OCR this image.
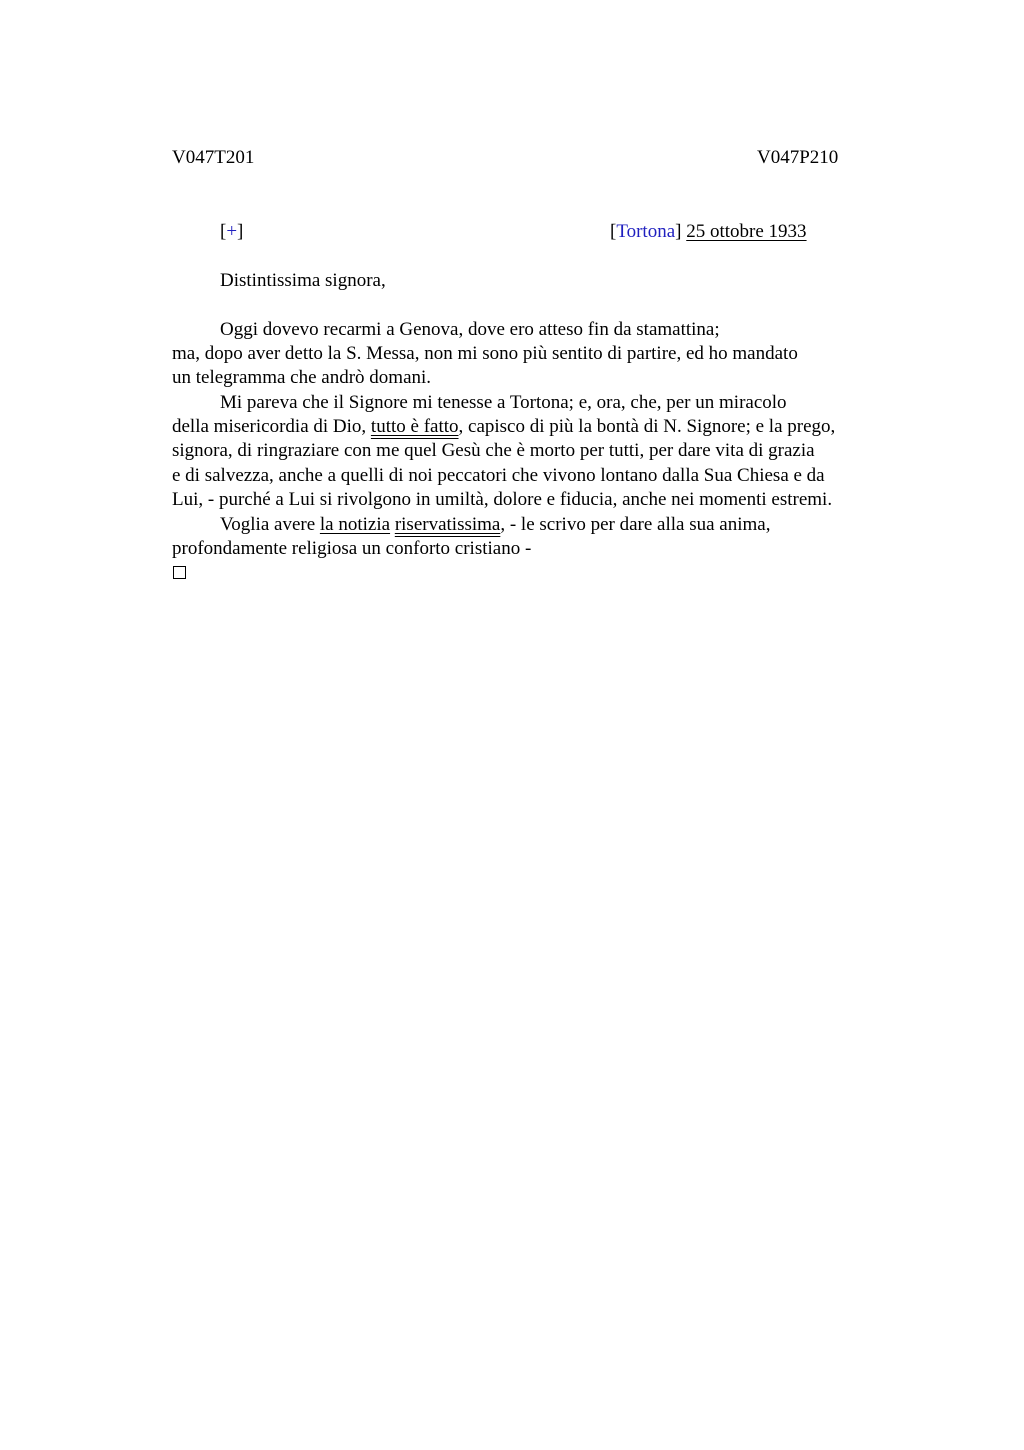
V047T201	V047P210
[+]	[Tortona] 25 ottobre 1933
Distintissima signora,
Oggi dovevo recarmi a Genova, dove ero atteso fin da stamattina;
ma, dopo aver detto la S. Messa, non mi sono più sentito di partire, ed ho mandato
un telegramma che andrò domani.
Mi pareva che il Signore mi tenesse a Tortona; e, ora, che, per un miracolo
della misericordia di Dio, tutto è fatto, capisco di più la bontà di N. Signore; e la prego,
signora, di ringraziare con me quel Gesù che è morto per tutti, per dare vita di grazia
e di salvezza, anche a quelli di noi peccatori che vivono lontano dalla Sua Chiesa e da
Lui, - purché a Lui si rivolgono in umiltà, dolore e fiducia, anche nei momenti estremi.
Voglia avere la notizia riservatissima, - le scrivo per dare alla sua anima,
profondamente religiosa un conforto cristiano -
